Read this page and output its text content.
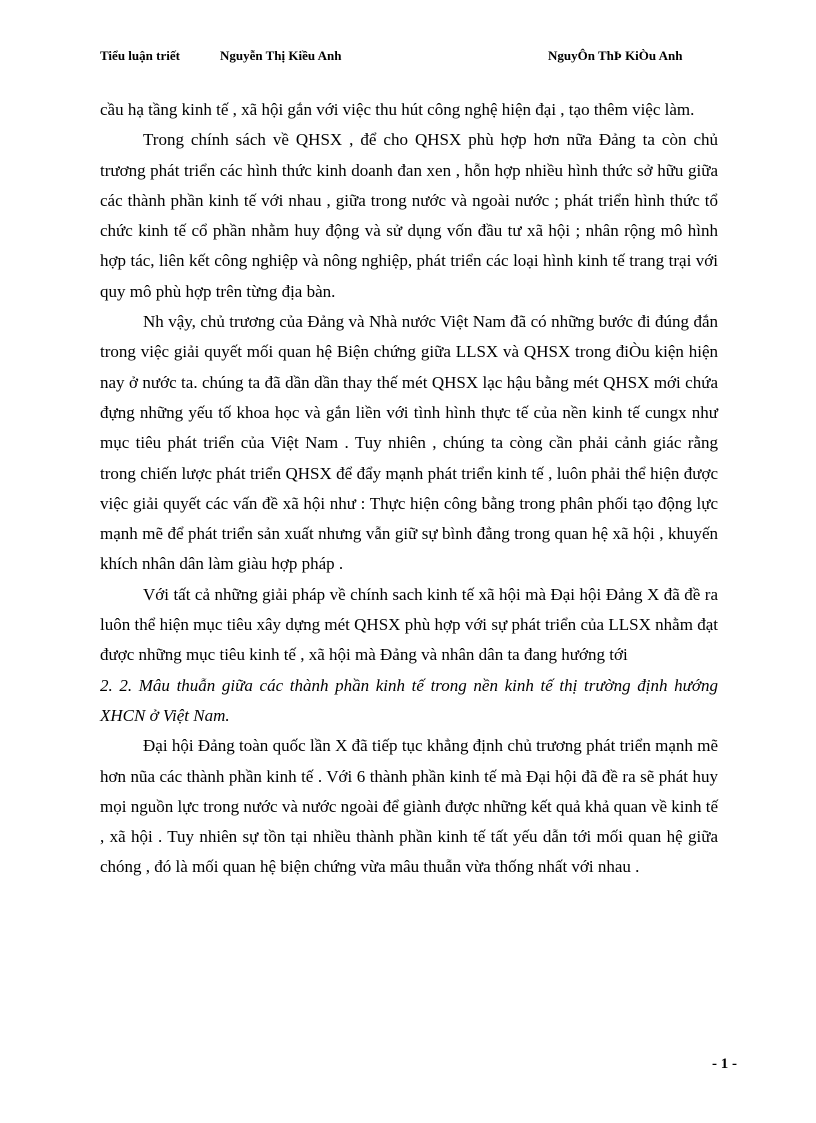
Tiểu luận triết	Nguyễn Thị Kiều Anh	NguyÔn ThÞ KiÒu Anh

cầu hạ tầng kinh tế , xã hội gắn với việc thu hút công nghệ hiện đại , tạo thêm việc làm.

Trong chính sách về QHSX , để cho QHSX phù hợp hơn nữa Đảng ta còn chủ trương phát triển các hình thức kinh doanh đan xen , hỗn hợp nhiều hình thức sở hữu giữa các thành phần kinh tế với nhau , giữa trong nước và ngoài nước ; phát triển hình thức tổ chức kinh tế cổ phần nhằm huy động và sử dụng vốn đầu tư xã hội ; nhân rộng mô hình hợp tác, liên kết công nghiệp và nông nghiệp, phát triển các loại hình kinh tế trang trại với quy mô phù hợp trên từng địa bàn.

Nh vậy, chủ trương của Đảng và Nhà nước Việt Nam đã có những bước đi đúng đắn trong việc giải quyết mối quan hệ Biện chứng giữa LLSX và QHSX trong điÒu kiện hiện nay ở nước ta. chúng ta đã dần dần thay thế mét QHSX lạc hậu bằng mét QHSX mới chứa đựng những yếu tố khoa học và gắn liền với tình hình thực tế của nền kinh tế cungx như mục tiêu phát triển của Việt Nam . Tuy nhiên , chúng ta còng cần phải cảnh giác rằng trong chiến lược phát triển QHSX để đẩy mạnh phát triển kinh tế , luôn phải thể hiện được việc giải quyết các vấn đề xã hội như : Thực hiện công bằng trong phân phối tạo động lực mạnh mẽ để phát triển sản xuất nhưng vẫn giữ sự bình đẳng trong quan hệ xã hội , khuyến khích nhân dân làm giàu hợp pháp .

Với tất cả những giải pháp về chính sach kinh tế xã hội mà Đại hội Đảng X đã đề ra luôn thể hiện mục tiêu xây dựng mét QHSX phù hợp với sự phát triển của LLSX nhằm đạt được những mục tiêu kinh tế , xã hội mà Đảng và nhân dân ta đang hướng tới

2. 2. Mâu thuẫn giữa các thành phần kinh tế trong nền kinh tế thị trường định hướng XHCN ở Việt Nam.

Đại hội Đảng toàn quốc lần X đã tiếp tục khẳng định chủ trương phát triển mạnh mẽ hơn nũa các thành phần kinh tế . Với 6 thành phần kinh tế mà Đại hội đã đề ra sẽ phát huy mọi nguồn lực trong nước và nước ngoài để giành được những kết quả khả quan về kinh tế , xã hội . Tuy nhiên sự tồn tại nhiều thành phần kinh tế tất yếu dẫn tới mối quan hệ giữa chóng , đó là mối quan hệ biện chứng vừa mâu thuẫn vừa thống nhất với nhau .

- 1 -
